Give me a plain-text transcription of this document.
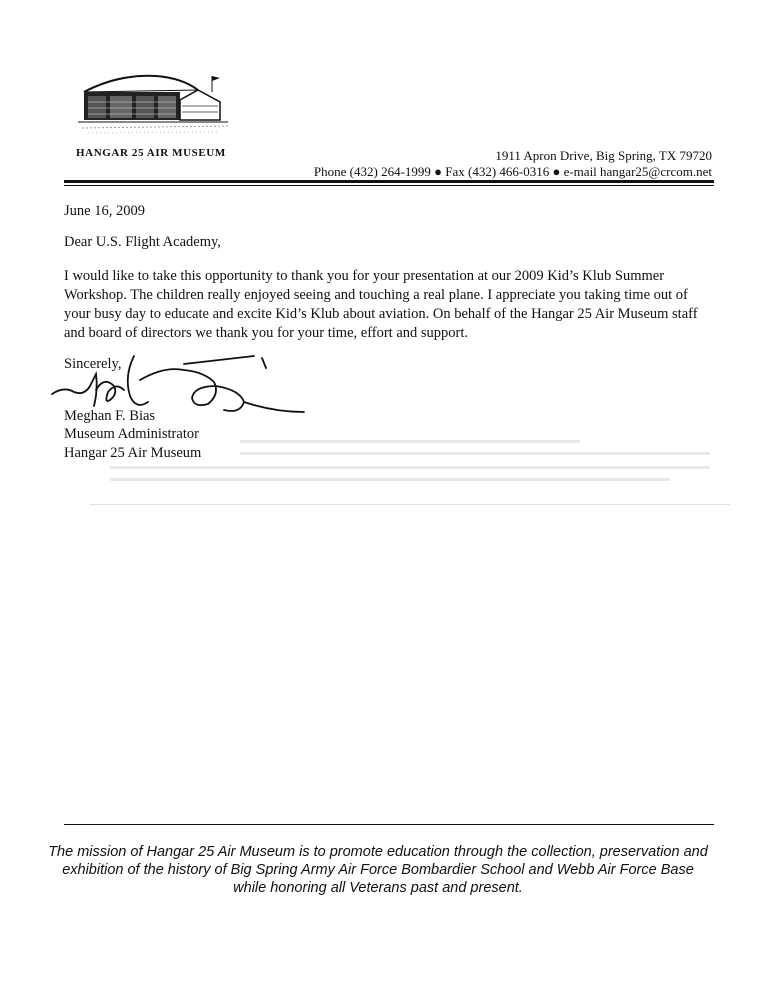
HANGAR 25 AIR MUSEUM	1911 Apron Drive, Big Spring, TX 79720
Phone (432) 264-1999 ● Fax (432) 466-0316 ● e-mail hangar25@crcom.net
June 16, 2009
Dear U.S. Flight Academy,
I would like to take this opportunity to thank you for your presentation at our 2009 Kid’s Klub Summer Workshop. The children really enjoyed seeing and touching a real plane. I appreciate you taking time out of your busy day to educate and excite Kid’s Klub about aviation. On behalf of the Hangar 25 Air Museum staff and board of directors we thank you for your time, effort and support.
Sincerely,
Meghan F. Bias
Museum Administrator
Hangar 25 Air Museum
The mission of Hangar 25 Air Museum is to promote education through the collection, preservation and exhibition of the history of Big Spring Army Air Force Bombardier School and Webb Air Force Base while honoring all Veterans past and present.
